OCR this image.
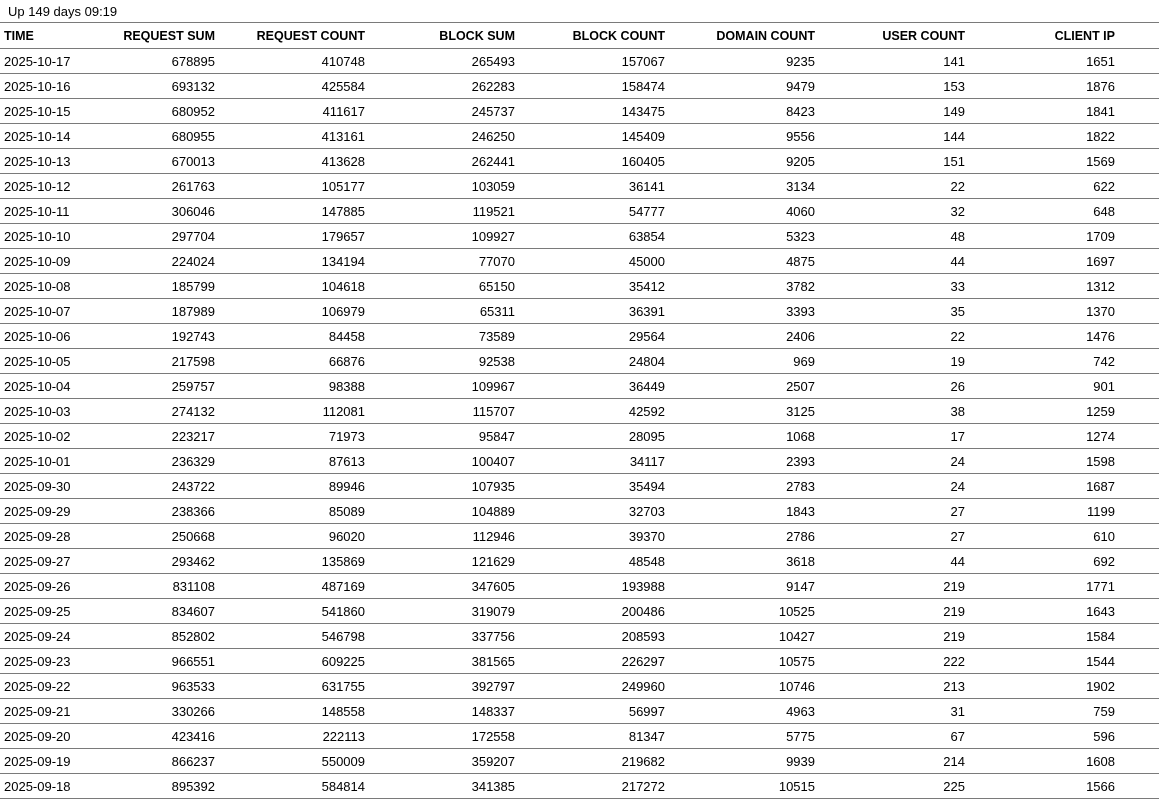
Up 149 days 09:19
TIME	REQUEST SUM	REQUEST COUNT	BLOCK SUM	BLOCK COUNT	DOMAIN COUNT	USER COUNT	CLIENT IP
2025-10-17	678895	410748	265493	157067	9235	141	1651
2025-10-16	693132	425584	262283	158474	9479	153	1876
2025-10-15	680952	411617	245737	143475	8423	149	1841
2025-10-14	680955	413161	246250	145409	9556	144	1822
2025-10-13	670013	413628	262441	160405	9205	151	1569
2025-10-12	261763	105177	103059	36141	3134	22	622
2025-10-11	306046	147885	119521	54777	4060	32	648
2025-10-10	297704	179657	109927	63854	5323	48	1709
2025-10-09	224024	134194	77070	45000	4875	44	1697
2025-10-08	185799	104618	65150	35412	3782	33	1312
2025-10-07	187989	106979	65311	36391	3393	35	1370
2025-10-06	192743	84458	73589	29564	2406	22	1476
2025-10-05	217598	66876	92538	24804	969	19	742
2025-10-04	259757	98388	109967	36449	2507	26	901
2025-10-03	274132	112081	115707	42592	3125	38	1259
2025-10-02	223217	71973	95847	28095	1068	17	1274
2025-10-01	236329	87613	100407	34117	2393	24	1598
2025-09-30	243722	89946	107935	35494	2783	24	1687
2025-09-29	238366	85089	104889	32703	1843	27	1199
2025-09-28	250668	96020	112946	39370	2786	27	610
2025-09-27	293462	135869	121629	48548	3618	44	692
2025-09-26	831108	487169	347605	193988	9147	219	1771
2025-09-25	834607	541860	319079	200486	10525	219	1643
2025-09-24	852802	546798	337756	208593	10427	219	1584
2025-09-23	966551	609225	381565	226297	10575	222	1544
2025-09-22	963533	631755	392797	249960	10746	213	1902
2025-09-21	330266	148558	148337	56997	4963	31	759
2025-09-20	423416	222113	172558	81347	5775	67	596
2025-09-19	866237	550009	359207	219682	9939	214	1608
2025-09-18	895392	584814	341385	217272	10515	225	1566
